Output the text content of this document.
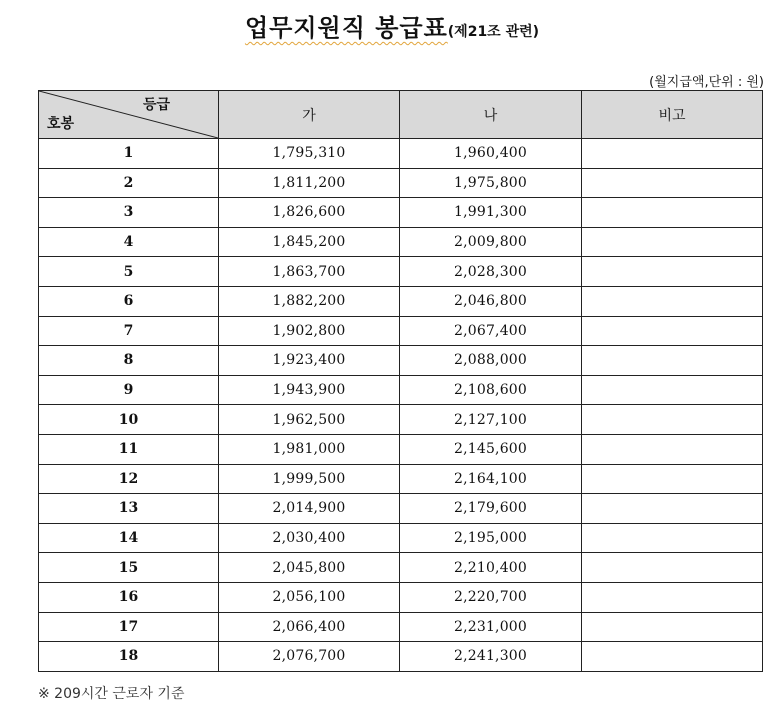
업무지원직 봉급표(제21조 관련)
(월지급액,단위 : 원)
등급
호봉	가	나	비고
1	1,795,310	1,960,400	
2	1,811,200	1,975,800	
3	1,826,600	1,991,300	
4	1,845,200	2,009,800	
5	1,863,700	2,028,300	
6	1,882,200	2,046,800	
7	1,902,800	2,067,400	
8	1,923,400	2,088,000	
9	1,943,900	2,108,600	
10	1,962,500	2,127,100	
11	1,981,000	2,145,600	
12	1,999,500	2,164,100	
13	2,014,900	2,179,600	
14	2,030,400	2,195,000	
15	2,045,800	2,210,400	
16	2,056,100	2,220,700	
17	2,066,400	2,231,000	
18	2,076,700	2,241,300	
※ 209시간 근로자 기준
